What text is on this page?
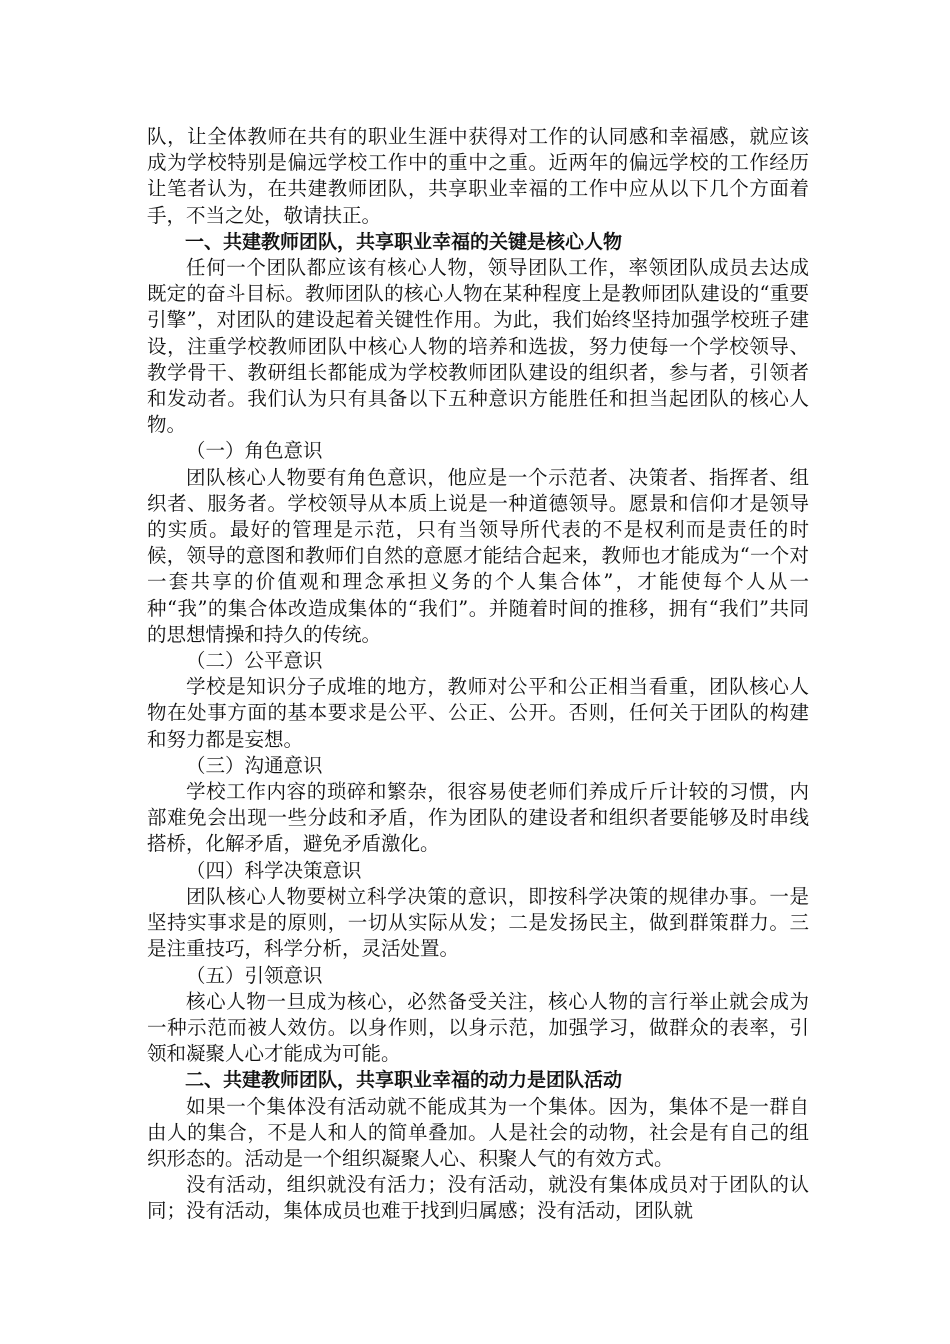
队，让全体教师在共有的职业生涯中获得对工作的认同感和幸福感，就应该成为学校特别是偏远学校工作中的重中之重。近两年的偏远学校的工作经历让笔者认为，在共建教师团队，共享职业幸福的工作中应从以下几个方面着手，不当之处，敬请扶正。

一、共建教师团队，共享职业幸福的关键是核心人物

任何一个团队都应该有核心人物，领导团队工作，率领团队成员去达成既定的奋斗目标。教师团队的核心人物在某种程度上是教师团队建设的“重要引擎”，对团队的建设起着关键性作用。为此，我们始终坚持加强学校班子建设，注重学校教师团队中核心人物的培养和选拔，努力使每一个学校领导、教学骨干、教研组长都能成为学校教师团队建设的组织者，参与者，引领者和发动者。我们认为只有具备以下五种意识方能胜任和担当起团队的核心人物。

（一）角色意识

团队核心人物要有角色意识，他应是一个示范者、决策者、指挥者、组织者、服务者。学校领导从本质上说是一种道德领导。愿景和信仰才是领导的实质。最好的管理是示范，只有当领导所代表的不是权利而是责任的时候，领导的意图和教师们自然的意愿才能结合起来，教师也才能成为“一个对一套共享的价值观和理念承担义务的个人集合体”，才能使每个人从一种“我”的集合体改造成集体的“我们”。并随着时间的推移，拥有“我们”共同的思想情操和持久的传统。

（二）公平意识

学校是知识分子成堆的地方，教师对公平和公正相当看重，团队核心人物在处事方面的基本要求是公平、公正、公开。否则，任何关于团队的构建和努力都是妄想。

（三）沟通意识

学校工作内容的琐碎和繁杂，很容易使老师们养成斤斤计较的习惯，内部难免会出现一些分歧和矛盾，作为团队的建设者和组织者要能够及时串线搭桥，化解矛盾，避免矛盾激化。

（四）科学决策意识

团队核心人物要树立科学决策的意识，即按科学决策的规律办事。一是坚持实事求是的原则，一切从实际从发；二是发扬民主，做到群策群力。三是注重技巧，科学分析，灵活处置。

（五）引领意识

核心人物一旦成为核心，必然备受关注，核心人物的言行举止就会成为一种示范而被人效仿。以身作则，以身示范，加强学习，做群众的表率，引领和凝聚人心才能成为可能。

二、共建教师团队，共享职业幸福的动力是团队活动

如果一个集体没有活动就不能成其为一个集体。因为，集体不是一群自由人的集合，不是人和人的简单叠加。人是社会的动物，社会是有自己的组织形态的。活动是一个组织凝聚人心、积聚人气的有效方式。

没有活动，组织就没有活力；没有活动，就没有集体成员对于团队的认同；没有活动，集体成员也难于找到归属感；没有活动，团队就
